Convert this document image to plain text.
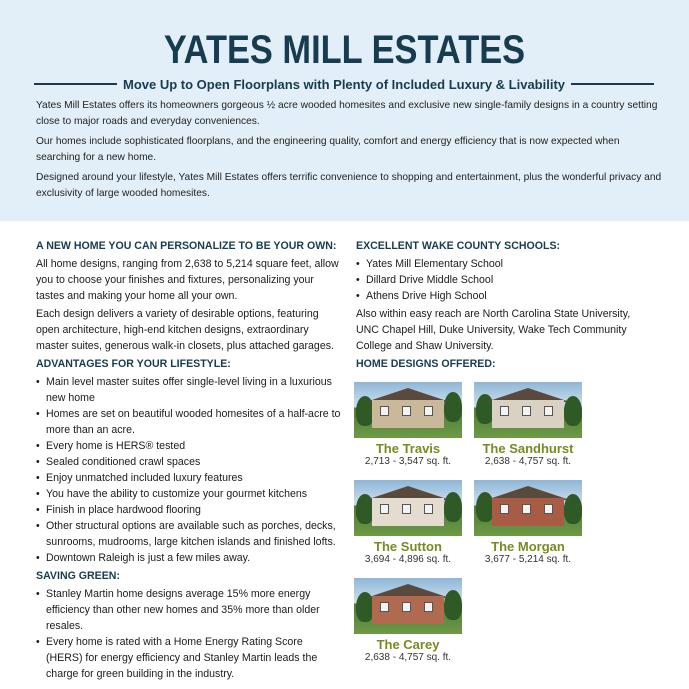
YATES MILL ESTATES
Move Up to Open Floorplans with Plenty of Included Luxury & Livability

Yates Mill Estates offers its homeowners gorgeous ½ acre wooded homesites and exclusive new single-family designs in a country setting close to major roads and everyday conveniences.

Our homes include sophisticated floorplans, and the engineering quality, comfort and energy efficiency that is now expected when searching for a new home.

Designed around your lifestyle, Yates Mill Estates offers terrific convenience to shopping and entertainment, plus the wonderful privacy and exclusivity of large wooded homesites.

A NEW HOME YOU CAN PERSONALIZE TO BE YOUR OWN:

All home designs, ranging from 2,638 to 5,214 square feet, allow you to choose your finishes and fixtures, personalizing your tastes and making your home all your own.

Each design delivers a variety of desirable options, featuring open architecture, high-end kitchen designs, extraordinary master suites, generous walk-in closets, plus attached garages.

ADVANTAGES FOR YOUR LIFESTYLE:
• Main level master suites offer single-level living in a luxurious new home
• Homes are set on beautiful wooded homesites of a half-acre to more than an acre.
• Every home is HERS® tested
• Sealed conditioned crawl spaces
• Enjoy unmatched included luxury features
• You have the ability to customize your gourmet kitchens
• Finish in place hardwood flooring
• Other structural options are available such as porches, decks, sunrooms, mudrooms, large kitchen islands and finished lofts.
• Downtown Raleigh is just a few miles away.
SAVING GREEN:
• Stanley Martin home designs average 15% more energy efficiency than other new homes and 35% more than older resales.
• Every home is rated with a Home Energy Rating Score (HERS) for energy efficiency and Stanley Martin leads the charge for green building in the industry.
EXCELLENT WAKE COUNTY SCHOOLS:
• Yates Mill Elementary School
• Dillard Drive Middle School
• Athens Drive High School

Also within easy reach are North Carolina State University, UNC Chapel Hill, Duke University, Wake Tech Community College and Shaw University.

HOME DESIGNS OFFERED:
The Travis
2,713 - 3,547 sq. ft.
The Sandhurst
2,638 - 4,757 sq. ft.
The Sutton
3,694 - 4,896 sq. ft.
The Morgan
3,677 - 5,214 sq. ft.
The Carey
2,638 - 4,757 sq. ft.
